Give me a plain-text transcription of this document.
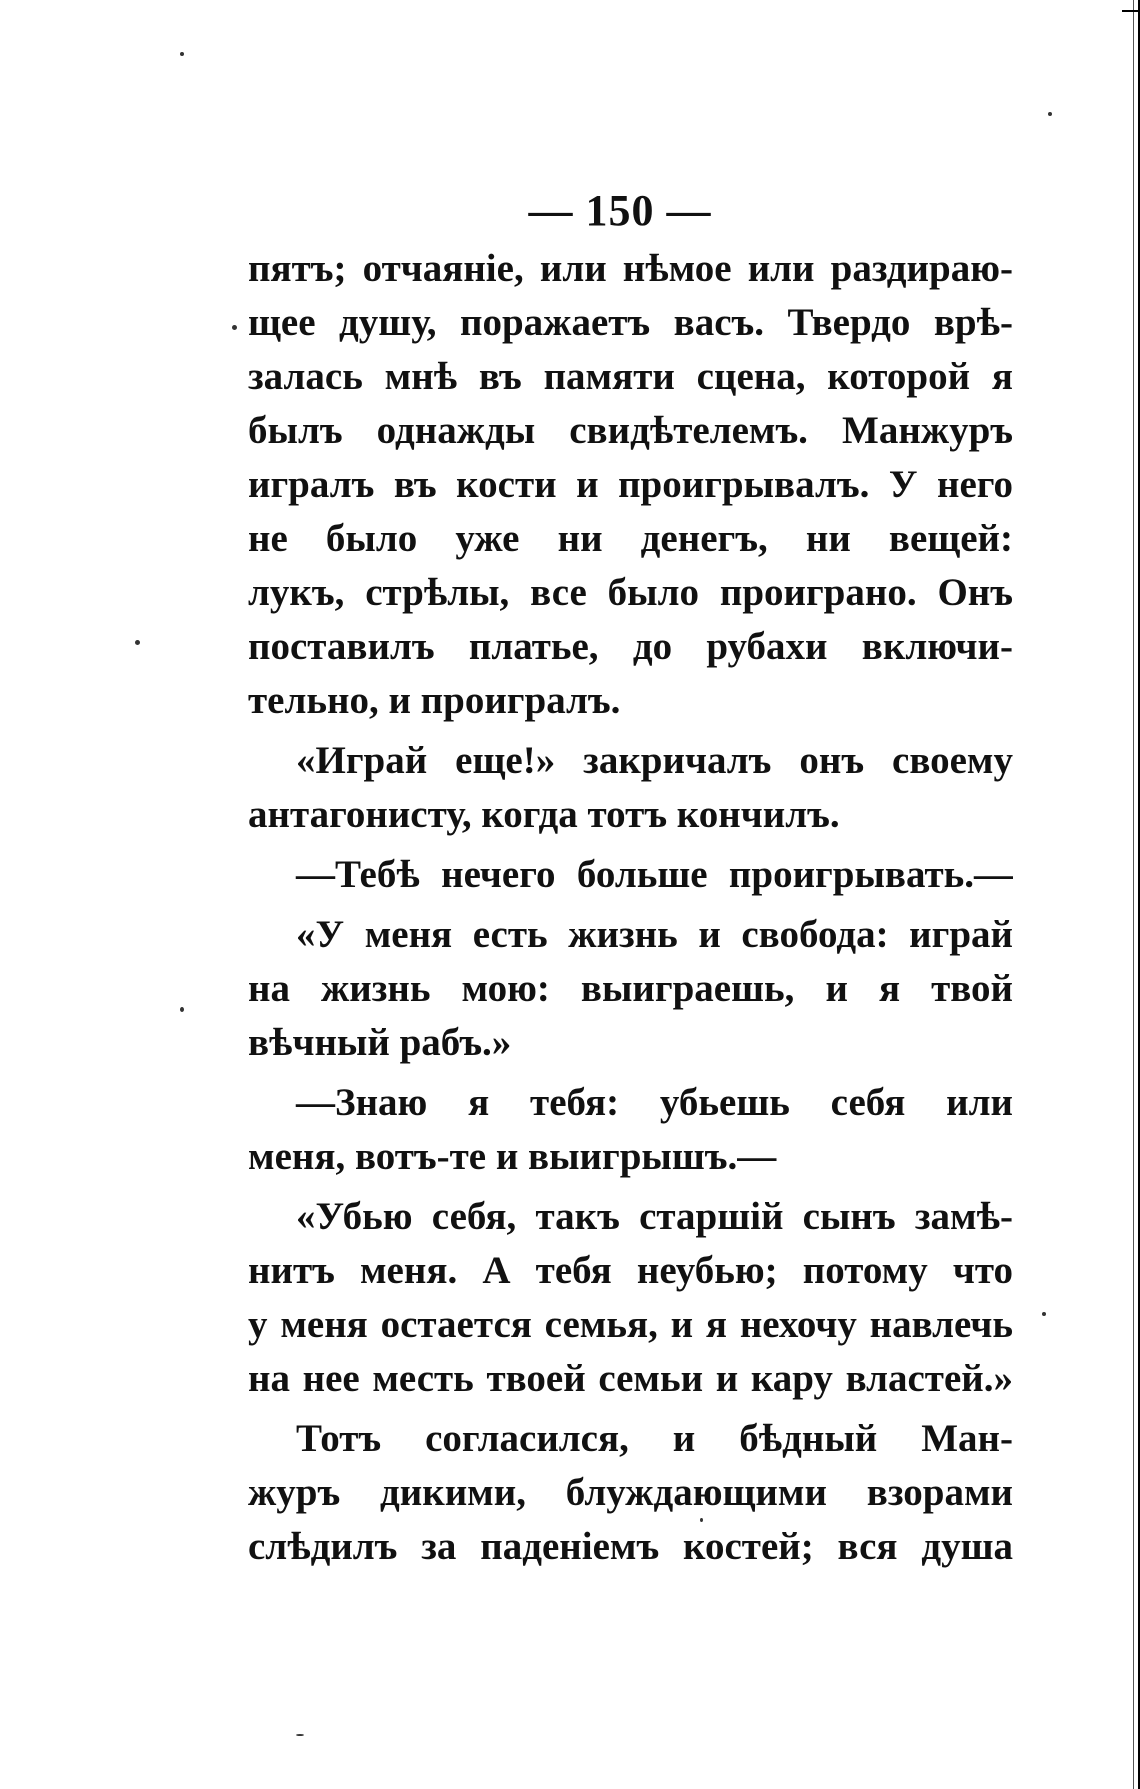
— 150 —
пятъ; отчаяніе, или нѣмое или раздираю-
щее душу, поражаетъ васъ. Твердо врѣ-
залась мнѣ въ памяти сцена, которой я
былъ однажды свидѣтелемъ. Манжуръ
игралъ въ кости и проигрывалъ. У него
не было уже ни денегъ, ни вещей:
лукъ, стрѣлы, все было проиграно. Онъ
поставилъ платье, до рубахи включи-
тельно, и проигралъ.
«Играй еще!» закричалъ онъ своему
антагонисту, когда тотъ кончилъ.
—Тебѣ нечего больше проигрывать.—
«У меня есть жизнь и свобода: играй
на жизнь мою: выиграешь, и я твой
вѣчный рабъ.»
—Знаю я тебя: убьешь себя или
меня, вотъ-те и выигрышъ.—
«Убью себя, такъ старшій сынъ замѣ-
нитъ меня. А тебя неубью; потому что
у меня остается семья, и я нехочу навлечь
на нее месть твоей семьи и кару властей.»
Тотъ согласился, и бѣдный Ман-
журъ дикими, блуждающими взорами
слѣдилъ за паденіемъ костей; вся душа
